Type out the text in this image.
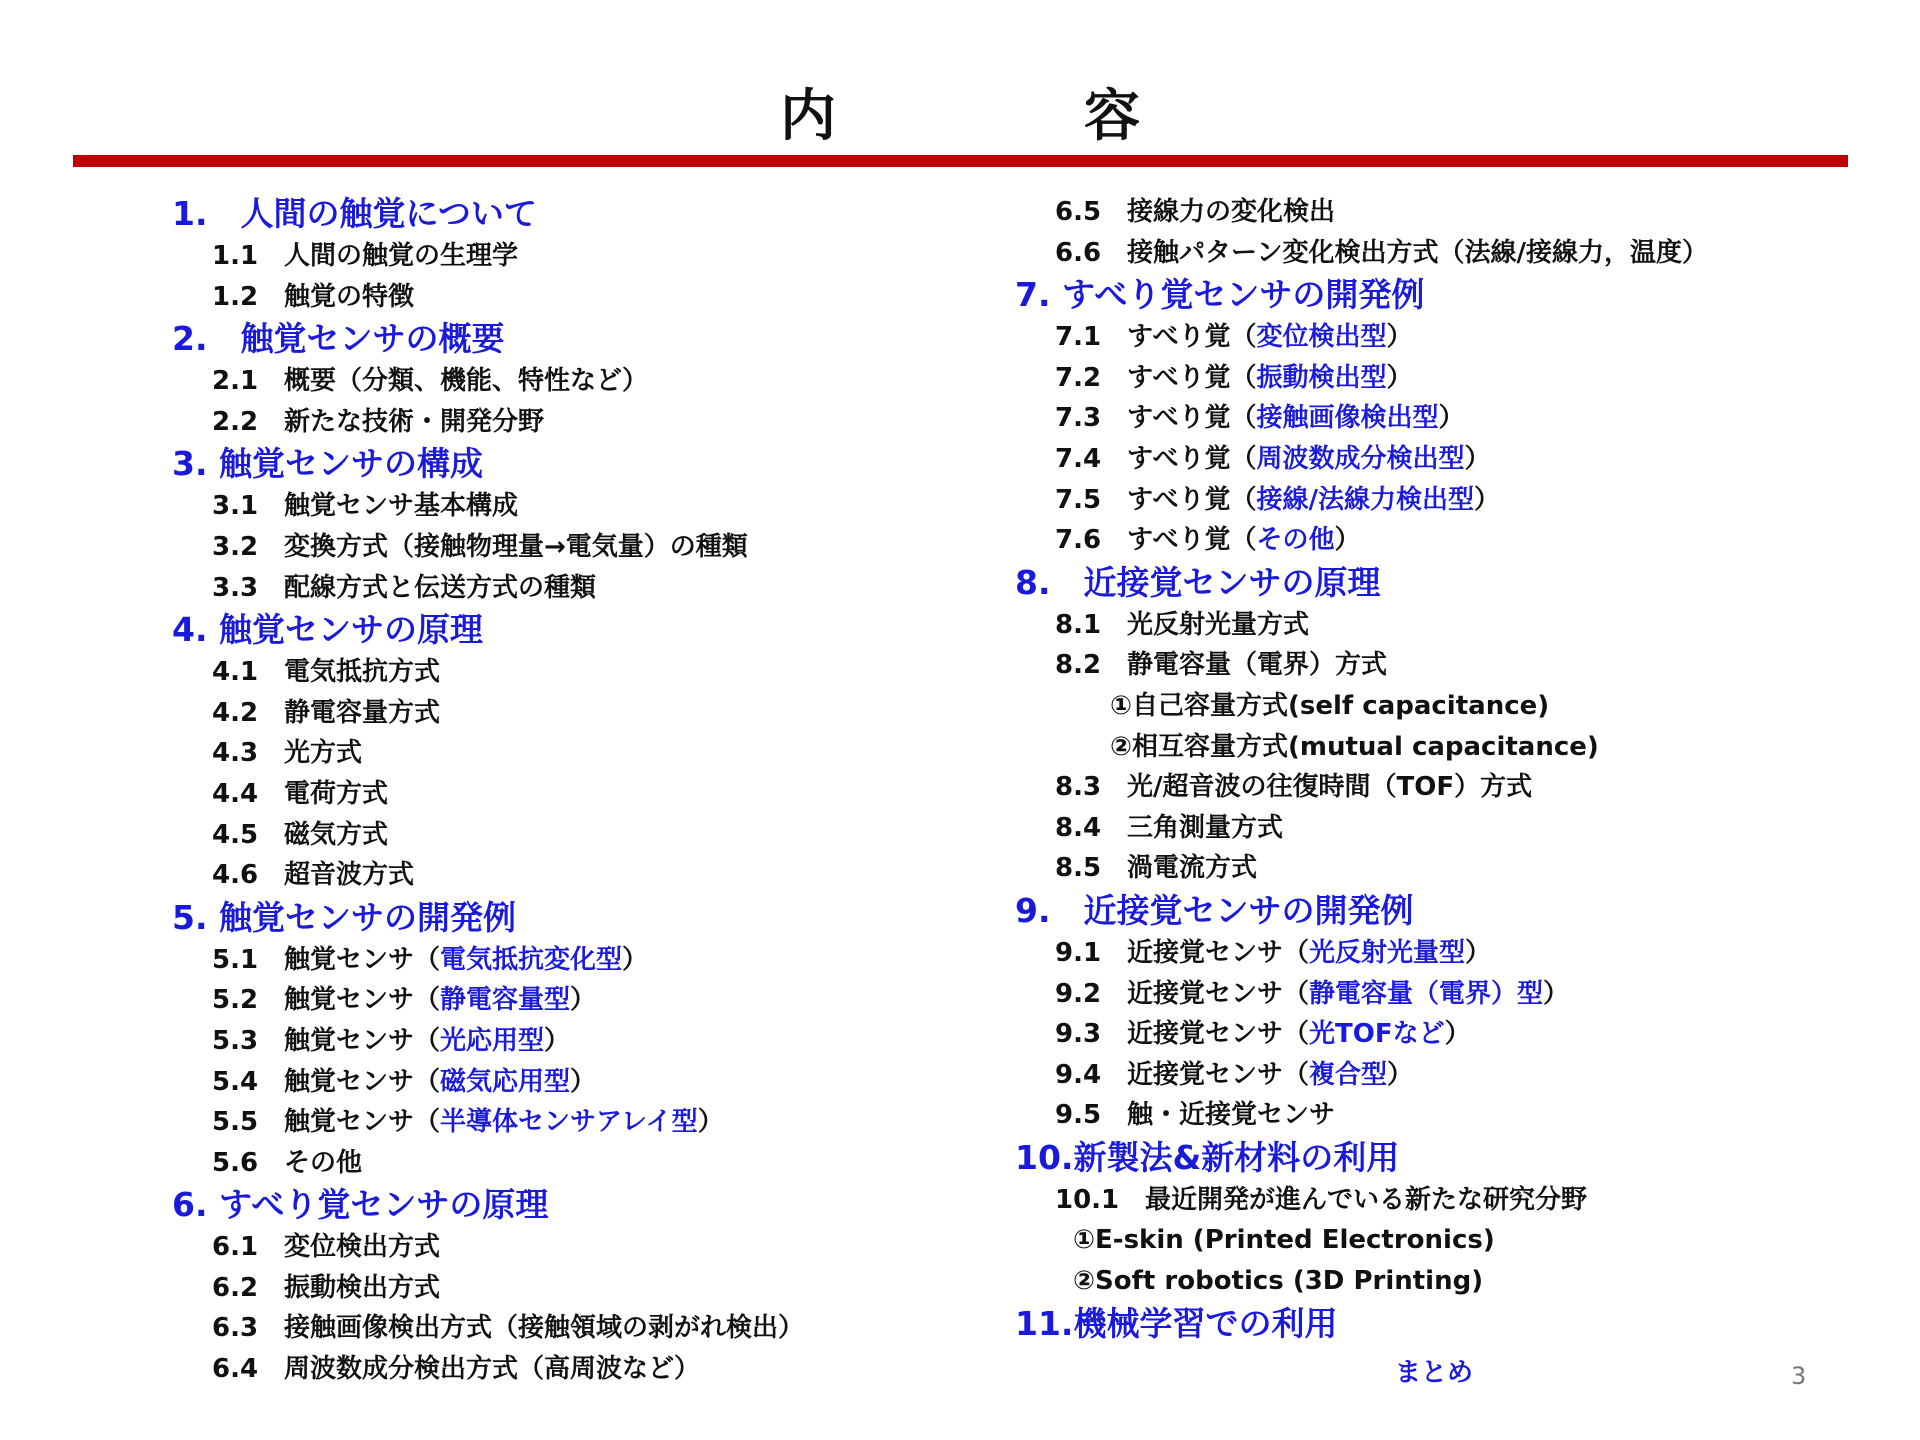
内　容
1.　人間の触覚について
1.1 人間の触覚の生理学
1.2 触覚の特徴
2.　触覚センサの概要
2.1 概要（分類、機能、特性など）
2.2 新たな技術・開発分野
3. 触覚センサの構成
3.1 触覚センサ基本構成
3.2 変換方式（接触物理量→電気量）の種類
3.3 配線方式と伝送方式の種類
4. 触覚センサの原理
4.1 電気抵抗方式
4.2 静電容量方式
4.3 光方式
4.4 電荷方式
4.5 磁気方式
4.6 超音波方式
5. 触覚センサの開発例
5.1 触覚センサ（電気抵抗変化型）
5.2 触覚センサ（静電容量型）
5.3 触覚センサ（光応用型）
5.4 触覚センサ（磁気応用型）
5.5 触覚センサ（半導体センサアレイ型）
5.6 その他
6. すべり覚センサの原理
6.1 変位検出方式
6.2 振動検出方式
6.3 接触画像検出方式（接触領域の剥がれ検出）
6.4 周波数成分検出方式（高周波など）
6.5 接線力の変化検出
6.6 接触パターン変化検出方式（法線/接線力，温度）
7. すべり覚センサの開発例
7.1 すべり覚（変位検出型）
7.2 すべり覚（振動検出型）
7.3 すべり覚（接触画像検出型）
7.4 すべり覚（周波数成分検出型）
7.5 すべり覚（接線/法線力検出型）
7.6 すべり覚（その他）
8.　近接覚センサの原理
8.1 光反射光量方式
8.2 静電容量（電界）方式
①自己容量方式(self capacitance)
②相互容量方式(mutual capacitance)
8.3 光/超音波の往復時間（TOF）方式
8.4 三角測量方式
8.5 渦電流方式
9.　近接覚センサの開発例
9.1 近接覚センサ（光反射光量型）
9.2 近接覚センサ（静電容量（電界）型）
9.3 近接覚センサ（光TOFなど）
9.4 近接覚センサ（複合型）
9.5 触・近接覚センサ
10.新製法&新材料の利用
10.1 最近開発が進んでいる新たな研究分野
①E-skin (Printed Electronics)
②Soft robotics (3D Printing)
11.機械学習での利用
まとめ	3
